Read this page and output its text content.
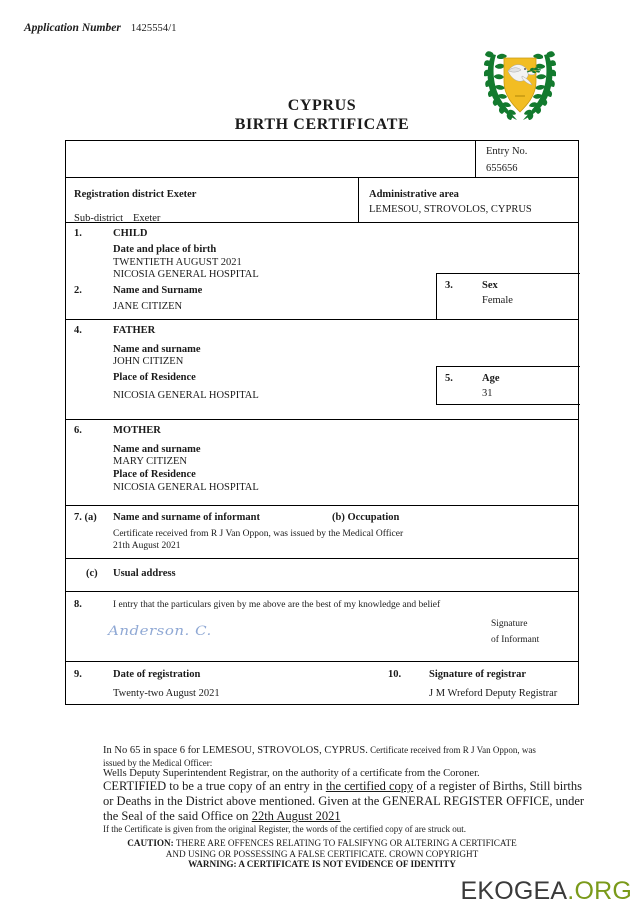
Application Number 1425554/1
CYPRUS
BIRTH CERTIFICATE
Entry No.
655656
Registration district Exeter
Sub-district Exeter
Administrative area
LEMESOU, STROVOLOS, CYPRUS
1.	CHILD
Date and place of birth
TWENTIETH AUGUST 2021
NICOSIA GENERAL HOSPITAL
2.	Name and Surname
JANE CITIZEN
3.	Sex
Female
4.	FATHER
Name and surname
JOHN CITIZEN
Place of Residence
NICOSIA GENERAL HOSPITAL
5.	Age
31
6.	MOTHER
Name and surname
MARY CITIZEN
Place of Residence
NICOSIA GENERAL HOSPITAL
7. (a) Name and surname of informant	(b) Occupation
Certificate received from R J Van Oppon, was issued by the Medical Officer
21th August 2021
(c) Usual address
8.	I entry that the particulars given by me above are the best of my knowledge and belief
Anderson. C.	Signature
of Informant
9.	Date of registration
Twenty-two August 2021
10.	Signature of registrar
J M Wreford Deputy Registrar
In No 65 in space 6 for LEMESOU, STROVOLOS, CYPRUS. Certificate received from R J Van Oppon, was
issued by the Medical Officer:
Wells Deputy Superintendent Registrar, on the authority of a certificate from the Coroner.
CERTIFIED to be a true copy of an entry in the certified copy of a register of Births, Still births
or Deaths in the District above mentioned. Given at the GENERAL REGISTER OFFICE, under
the Seal of the said Office on 22th August 2021
If the Certificate is given from the original Register, the words of the certified copy of are struck out.
CAUTION: THERE ARE OFFENCES RELATING TO FALSIFYNG OR ALTERING A CERTIFICATE
AND USING OR POSSESSING A FALSE CERTIFICATE. CROWN COPYRIGHT
WARNING: A CERTIFICATE IS NOT EVIDENCE OF IDENTITY
EKOGEA.ORG
